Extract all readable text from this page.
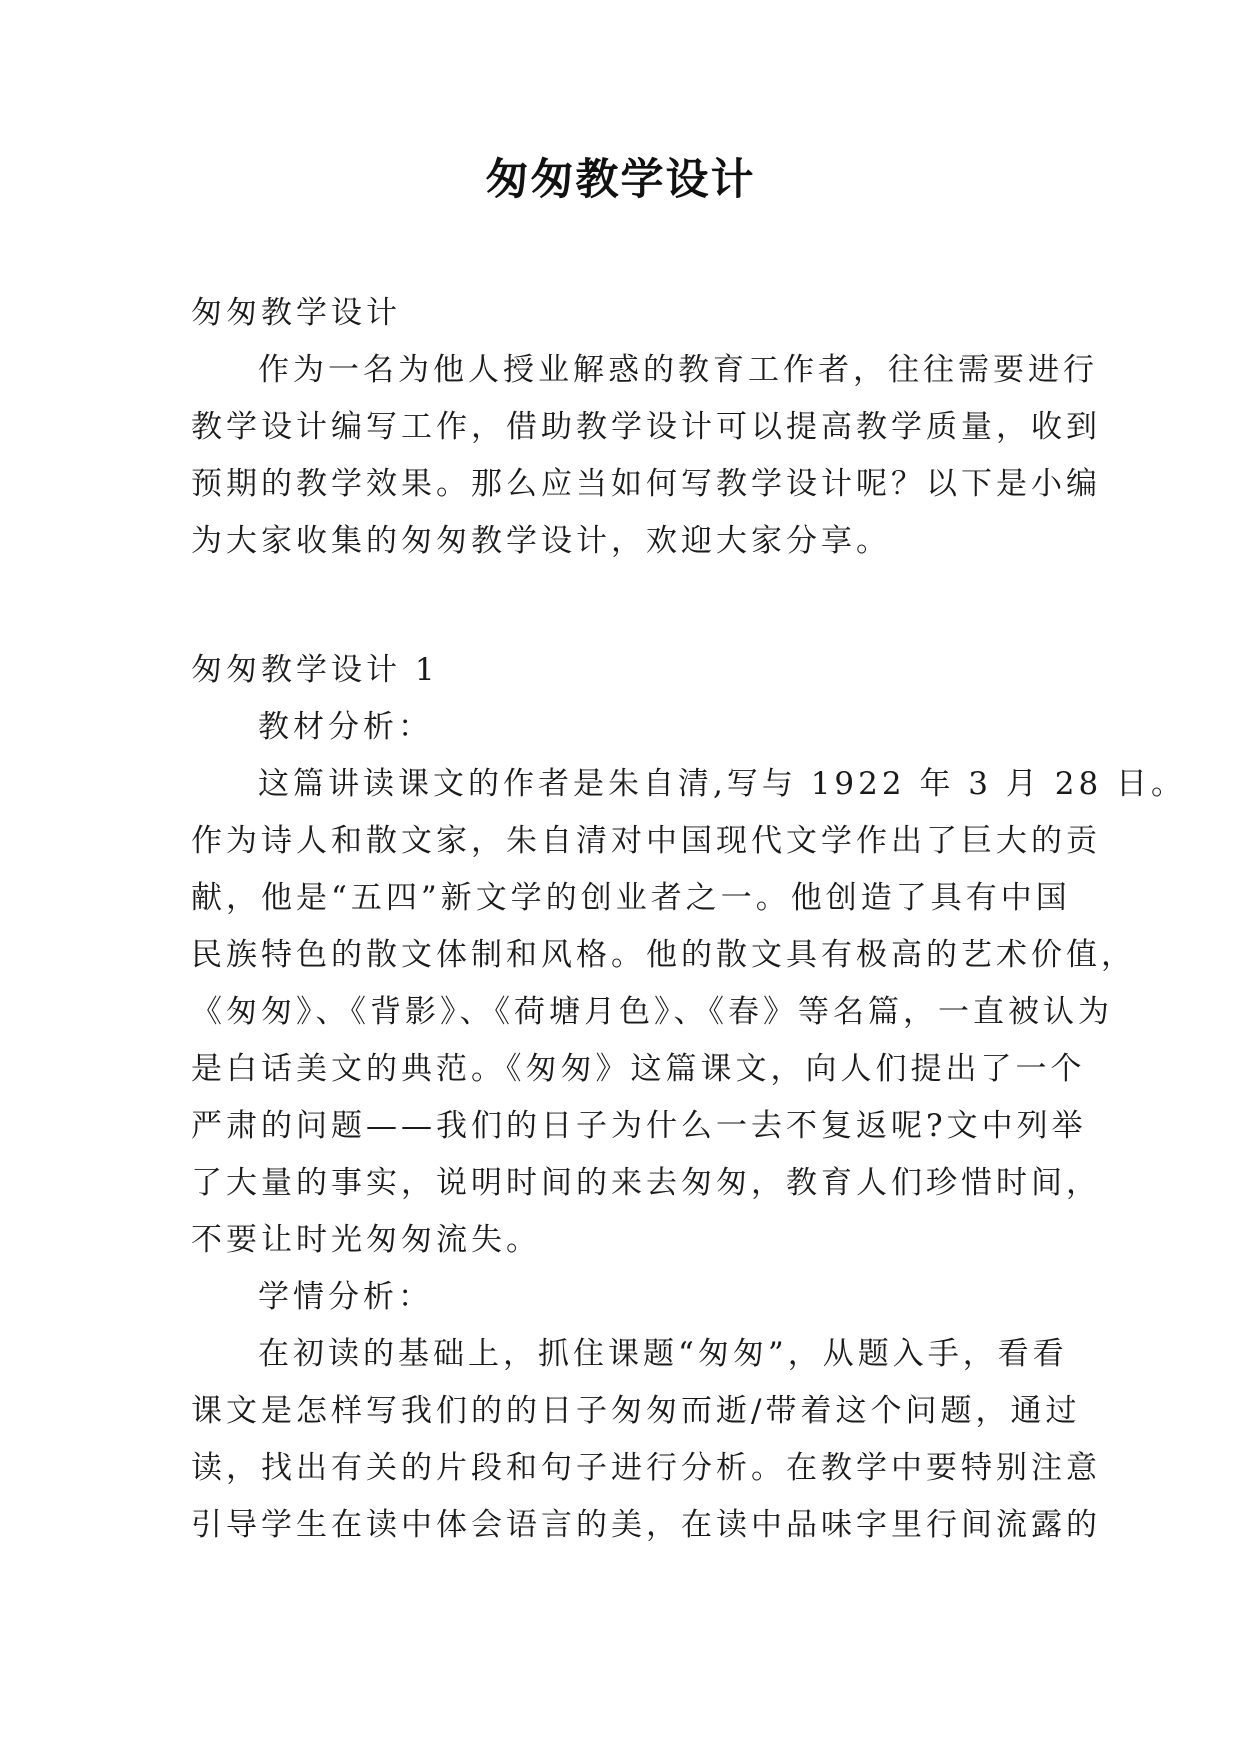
匆匆教学设计

匆匆教学设计

作为一名为他人授业解惑的教育工作者，往往需要进行

教学设计编写工作，借助教学设计可以提高教学质量，收到

预期的教学效果。那么应当如何写教学设计呢？以下是小编

为大家收集的匆匆教学设计，欢迎大家分享。

匆匆教学设计 1

教材分析：

这篇讲读课文的作者是朱自清,写与 1922 年 3 月 28 日。

作为诗人和散文家，朱自清对中国现代文学作出了巨大的贡

献，他是“五四”新文学的创业者之一。他创造了具有中国

民族特色的散文体制和风格。他的散文具有极高的艺术价值，

《匆匆》、《背影》、《荷塘月色》、《春》等名篇，一直被认为

是白话美文的典范。《匆匆》这篇课文，向人们提出了一个

严肃的问题——我们的日子为什么一去不复返呢?文中列举

了大量的事实，说明时间的来去匆匆，教育人们珍惜时间，

不要让时光匆匆流失。

学情分析：

在初读的基础上，抓住课题“匆匆”，从题入手，看看

课文是怎样写我们的的日子匆匆而逝/带着这个问题，通过

读，找出有关的片段和句子进行分析。在教学中要特别注意

引导学生在读中体会语言的美，在读中品味字里行间流露的
